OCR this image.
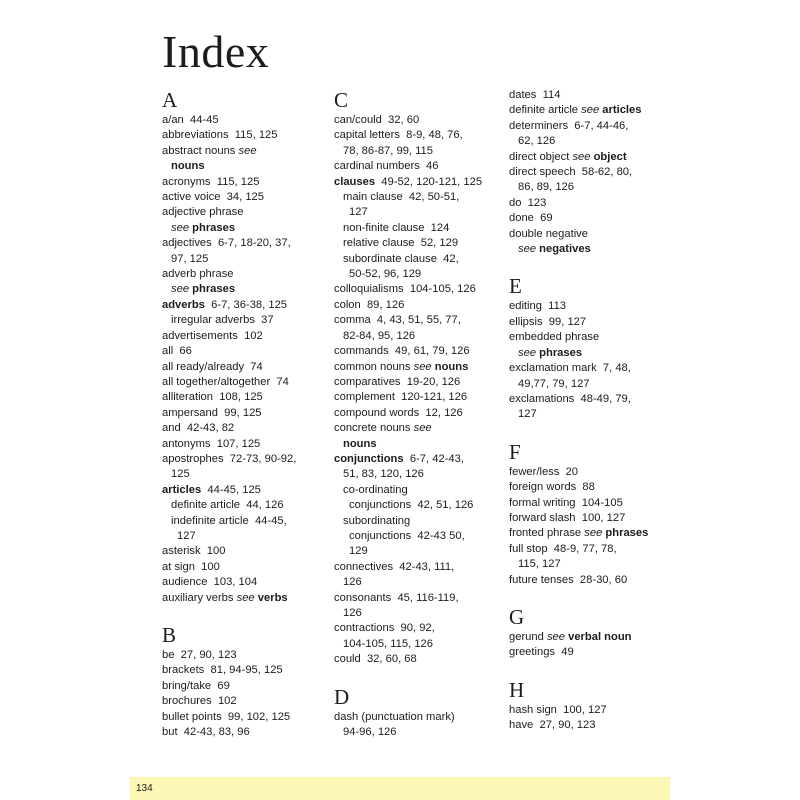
Index
A
a/an  44-45
abbreviations  115, 125
abstract nouns see
nouns
acronyms  115, 125
active voice  34, 125
adjective phrase
see phrases
adjectives  6-7, 18-20, 37,
97, 125
adverb phrase
see phrases
adverbs  6-7, 36-38, 125
irregular adverbs  37
advertisements  102
all  66
all ready/already  74
all together/altogether  74
alliteration  108, 125
ampersand  99, 125
and  42-43, 82
antonyms  107, 125
apostrophes  72-73, 90-92,
125
articles  44-45, 125
definite article  44, 126
indefinite article  44-45,
127
asterisk  100
at sign  100
audience  103, 104
auxiliary verbs see verbs
B
be  27, 90, 123
brackets  81, 94-95, 125
bring/take  69
brochures  102
bullet points  99, 102, 125
but  42-43, 83, 96
C
can/could  32, 60
capital letters  8-9, 48, 76,
78, 86-87, 99, 115
cardinal numbers  46
clauses  49-52, 120-121, 125
main clause  42, 50-51,
127
non-finite clause  124
relative clause  52, 129
subordinate clause  42,
50-52, 96, 129
colloquialisms  104-105, 126
colon  89, 126
comma  4, 43, 51, 55, 77,
82-84, 95, 126
commands  49, 61, 79, 126
common nouns see nouns
comparatives  19-20, 126
complement  120-121, 126
compound words  12, 126
concrete nouns see
nouns
conjunctions  6-7, 42-43,
51, 83, 120, 126
co-ordinating
conjunctions  42, 51, 126
subordinating
conjunctions  42-43 50,
129
connectives  42-43, 111,
126
consonants  45, 116-119,
126
contractions  90, 92,
104-105, 115, 126
could  32, 60, 68
D
dash (punctuation mark)
94-96, 126
dates  114
definite article see articles
determiners  6-7, 44-46,
62, 126
direct object see object
direct speech  58-62, 80,
86, 89, 126
do  123
done  69
double negative
see negatives
E
editing  113
ellipsis  99, 127
embedded phrase
see phrases
exclamation mark  7, 48,
49,77, 79, 127
exclamations  48-49, 79,
127
F
fewer/less  20
foreign words  88
formal writing  104-105
forward slash  100, 127
fronted phrase see phrases
full stop  48-9, 77, 78,
115, 127
future tenses  28-30, 60
G
gerund see verbal noun
greetings  49
H
hash sign  100, 127
have  27, 90, 123
134
